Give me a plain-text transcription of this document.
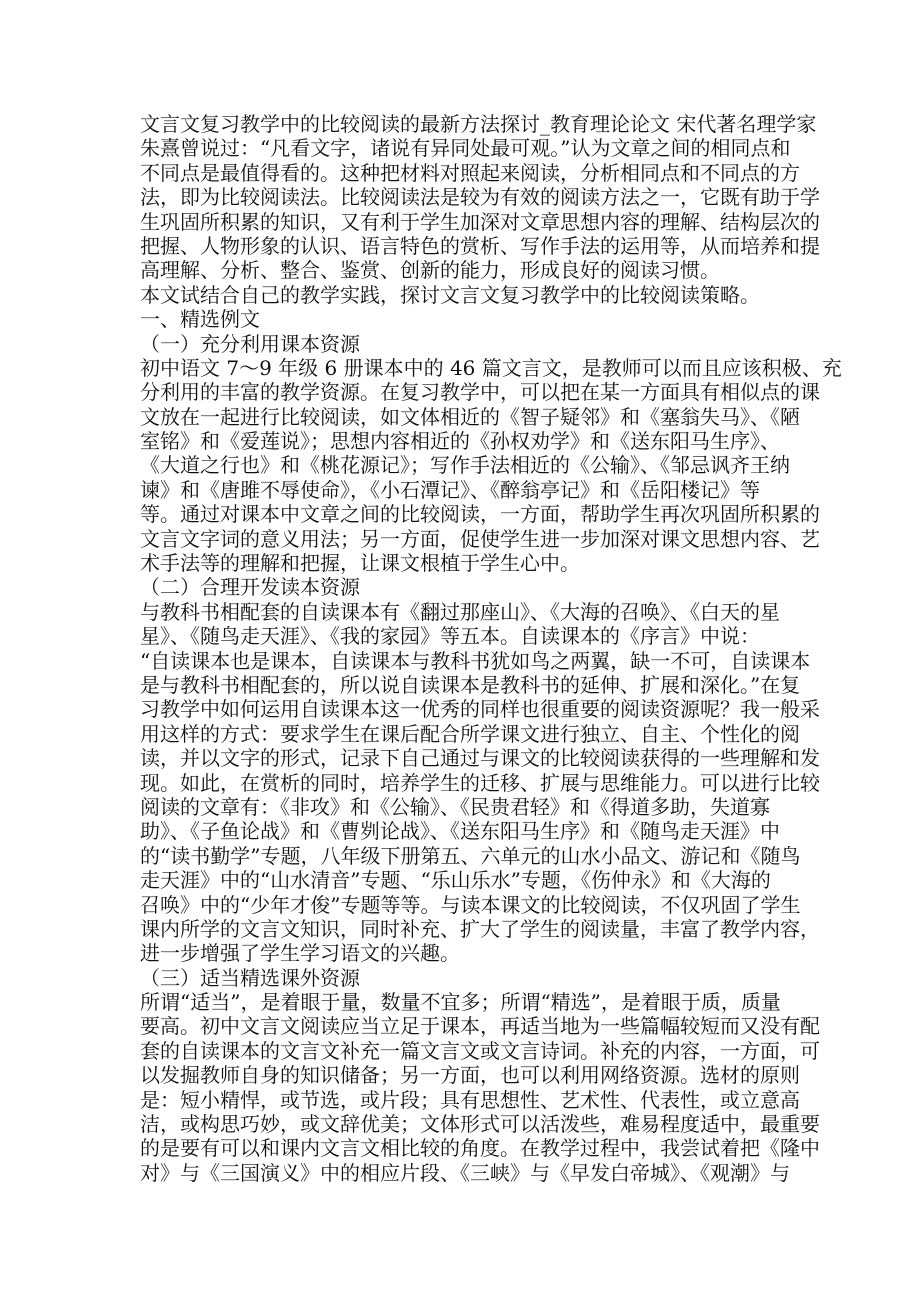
文言文复习教学中的比较阅读的最新方法探讨_教育理论论文 宋代著名理学家
朱熹曾说过：“凡看文字，诸说有异同处最可观。”认为文章之间的相同点和
不同点是最值得看的。这种把材料对照起来阅读，分析相同点和不同点的方
法，即为比较阅读法。比较阅读法是较为有效的阅读方法之一，它既有助于学
生巩固所积累的知识，又有利于学生加深对文章思想内容的理解、结构层次的
把握、人物形象的认识、语言特色的赏析、写作手法的运用等，从而培养和提
高理解、分析、整合、鉴赏、创新的能力，形成良好的阅读习惯。
本文试结合自己的教学实践，探讨文言文复习教学中的比较阅读策略。
一、精选例文
（一）充分利用课本资源
初中语文 7～9 年级 6 册课本中的 46 篇文言文，是教师可以而且应该积极、充
分利用的丰富的教学资源。在复习教学中，可以把在某一方面具有相似点的课
文放在一起进行比较阅读，如文体相近的《智子疑邻》和《塞翁失马》、《陋
室铭》和《爱莲说》；思想内容相近的《孙权劝学》和《送东阳马生序》、
《大道之行也》和《桃花源记》；写作手法相近的《公输》、《邹忌讽齐王纳
谏》和《唐雎不辱使命》，《小石潭记》、《醉翁亭记》和《岳阳楼记》等
等。通过对课本中文章之间的比较阅读，一方面，帮助学生再次巩固所积累的
文言文字词的意义用法；另一方面，促使学生进一步加深对课文思想内容、艺
术手法等的理解和把握，让课文根植于学生心中。
（二）合理开发读本资源
与教科书相配套的自读课本有《翻过那座山》、《大海的召唤》、《白天的星
星》、《随鸟走天涯》、《我的家园》等五本。自读课本的《序言》中说：
“自读课本也是课本，自读课本与教科书犹如鸟之两翼，缺一不可，自读课本
是与教科书相配套的，所以说自读课本是教科书的延伸、扩展和深化。”在复
习教学中如何运用自读课本这一优秀的同样也很重要的阅读资源呢？我一般采
用这样的方式：要求学生在课后配合所学课文进行独立、自主、个性化的阅
读，并以文字的形式，记录下自己通过与课文的比较阅读获得的一些理解和发
现。如此，在赏析的同时，培养学生的迁移、扩展与思维能力。可以进行比较
阅读的文章有：《非攻》和《公输》、《民贵君轻》和《得道多助，失道寡
助》、《子鱼论战》和《曹刿论战》、《送东阳马生序》和《随鸟走天涯》中
的“读书勤学”专题，八年级下册第五、六单元的山水小品文、游记和《随鸟
走天涯》中的“山水清音”专题、“乐山乐水”专题，《伤仲永》和《大海的
召唤》中的“少年才俊”专题等等。与读本课文的比较阅读，不仅巩固了学生
课内所学的文言文知识，同时补充、扩大了学生的阅读量，丰富了教学内容，
进一步增强了学生学习语文的兴趣。
（三）适当精选课外资源
所谓“适当”，是着眼于量，数量不宜多；所谓“精选”，是着眼于质，质量
要高。初中文言文阅读应当立足于课本，再适当地为一些篇幅较短而又没有配
套的自读课本的文言文补充一篇文言文或文言诗词。补充的内容，一方面，可
以发掘教师自身的知识储备；另一方面，也可以利用网络资源。选材的原则
是：短小精悍，或节选，或片段；具有思想性、艺术性、代表性，或立意高
洁，或构思巧妙，或文辞优美；文体形式可以活泼些，难易程度适中，最重要
的是要有可以和课内文言文相比较的角度。在教学过程中，我尝试着把《隆中
对》与《三国演义》中的相应片段、《三峡》与《早发白帝城》、《观潮》与
